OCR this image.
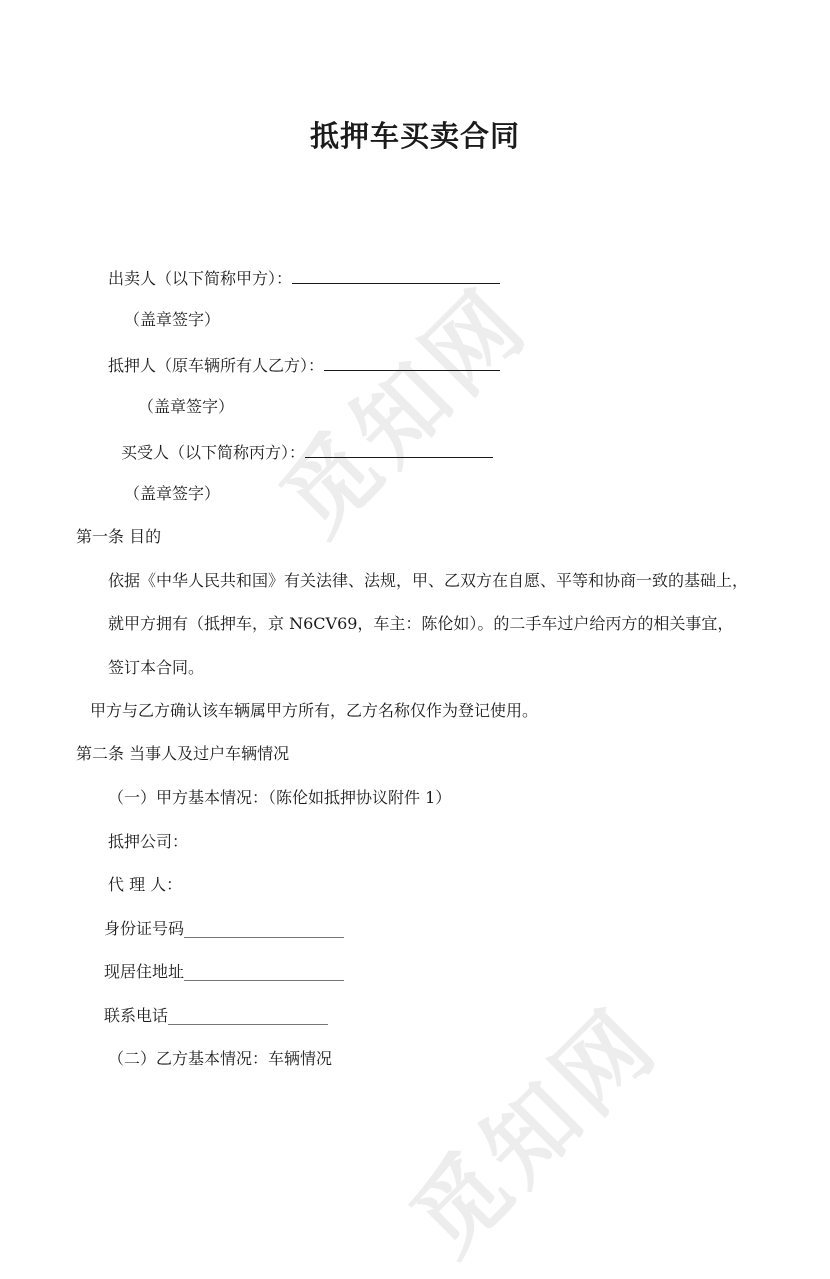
觅知网
觅知网
抵押车买卖合同
出卖人（以下简称甲方）：
（盖章签字）
抵押人（原车辆所有人乙方）：
（盖章签字）
买受人（以下简称丙方）：
（盖章签字）
第一条 目的
依据《中华人民共和国》有关法律、法规，甲、乙双方在自愿、平等和协商一致的基础上，
就甲方拥有（抵押车，京 N6CV69，车主：陈伦如）。的二手车过户给丙方的相关事宜，
签订本合同。
甲方与乙方确认该车辆属甲方所有，乙方名称仅作为登记使用。
第二条 当事人及过户车辆情况
（一）甲方基本情况：（陈伦如抵押协议附件 1）
抵押公司：
代 理 人：
身份证号码____________________
现居住地址____________________
联系电话____________________
（二）乙方基本情况：车辆情况
